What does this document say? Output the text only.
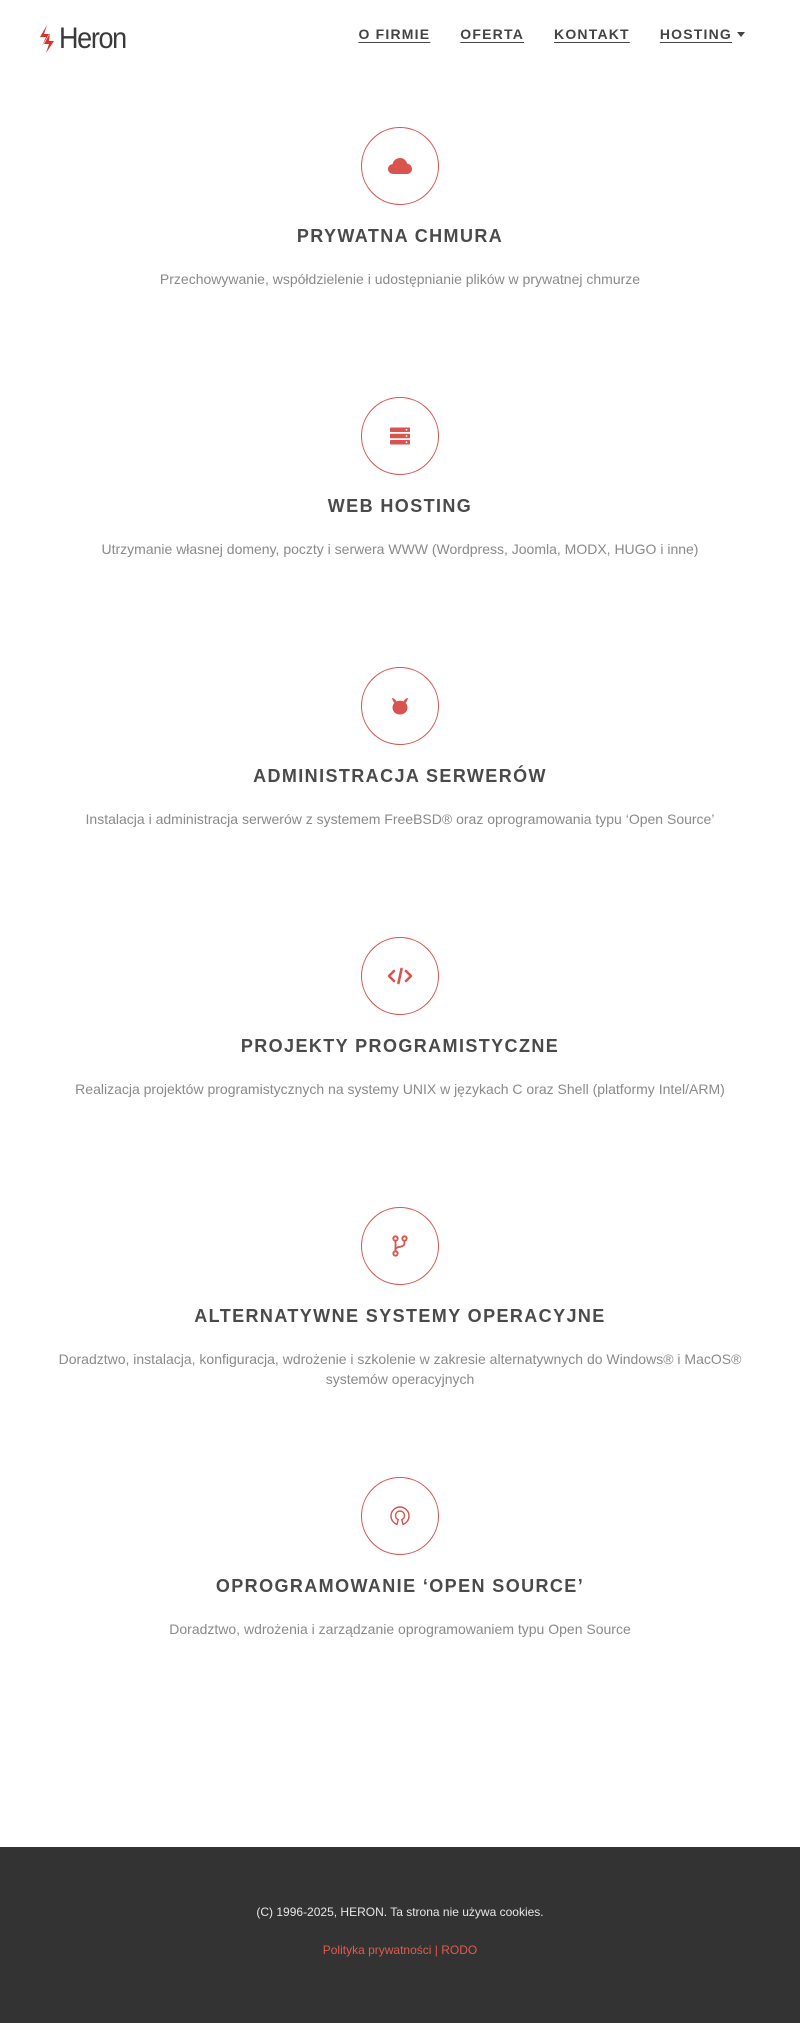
Heron	O FIRMIE OFERTA KONTAKT HOSTING
PRYWATNA CHMURA
Przechowywanie, współdzielenie i udostępnianie plików w prywatnej chmurze
WEB HOSTING
Utrzymanie własnej domeny, poczty i serwera WWW (Wordpress, Joomla, MODX, HUGO i inne)
ADMINISTRACJA SERWERÓW
Instalacja i administracja serwerów z systemem FreeBSD® oraz oprogramowania typu ‘Open Source’
PROJEKTY PROGRAMISTYCZNE
Realizacja projektów programistycznych na systemy UNIX w językach C oraz Shell (platformy Intel/ARM)
ALTERNATYWNE SYSTEMY OPERACYJNE
Doradztwo, instalacja, konfiguracja, wdrożenie i szkolenie w zakresie alternatywnych do Windows® i MacOS® systemów operacyjnych
OPROGRAMOWANIE ‘OPEN SOURCE’
Doradztwo, wdrożenia i zarządzanie oprogramowaniem typu Open Source
(C) 1996-2025, HERON. Ta strona nie używa cookies.
Polityka prywatności | RODO
